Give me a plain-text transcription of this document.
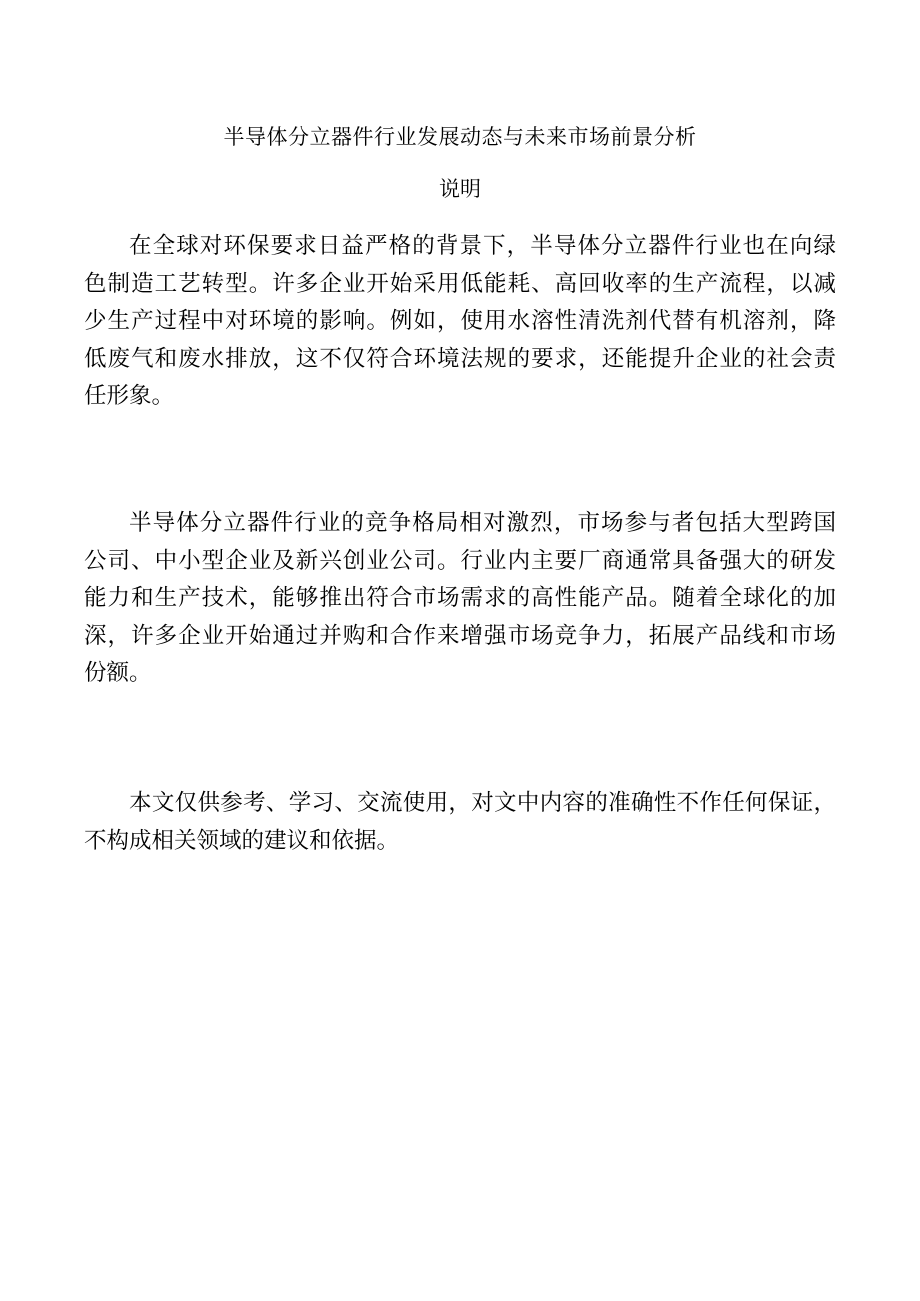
半导体分立器件行业发展动态与未来市场前景分析
说明
在全球对环保要求日益严格的背景下，半导体分立器件行业也在向绿
色制造工艺转型。许多企业开始采用低能耗、高回收率的生产流程，以减
少生产过程中对环境的影响。例如，使用水溶性清洗剂代替有机溶剂，降
低废气和废水排放，这不仅符合环境法规的要求，还能提升企业的社会责
任形象。
半导体分立器件行业的竞争格局相对激烈，市场参与者包括大型跨国
公司、中小型企业及新兴创业公司。行业内主要厂商通常具备强大的研发
能力和生产技术，能够推出符合市场需求的高性能产品。随着全球化的加
深，许多企业开始通过并购和合作来增强市场竞争力，拓展产品线和市场
份额。
本文仅供参考、学习、交流使用，对文中内容的准确性不作任何保证，
不构成相关领域的建议和依据。
